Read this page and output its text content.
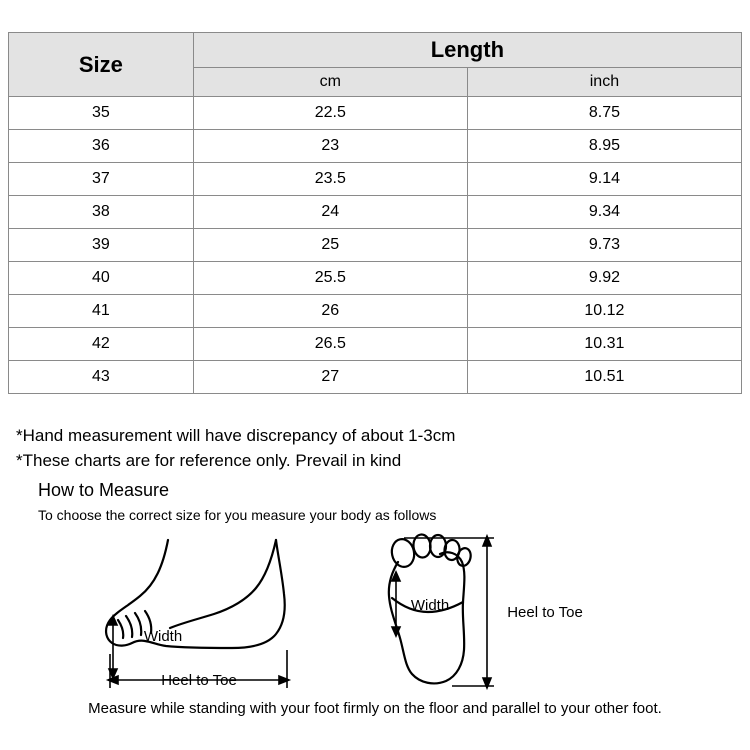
Size	Length	
	cm	inch
35	22.5	8.75
36	23	8.95
37	23.5	9.14
38	24	9.34
39	25	9.73
40	25.5	9.92
41	26	10.12
42	26.5	10.31
43	27	10.51
*Hand measurement will have discrepancy of about 1-3cm
*These charts are for reference only. Prevail in kind
How to Measure
To choose the correct size for you measure your body as follows
Width
Heel to Toe
Width	Heel to Toe
Measure while standing with your foot firmly on the floor and parallel to your other foot.
